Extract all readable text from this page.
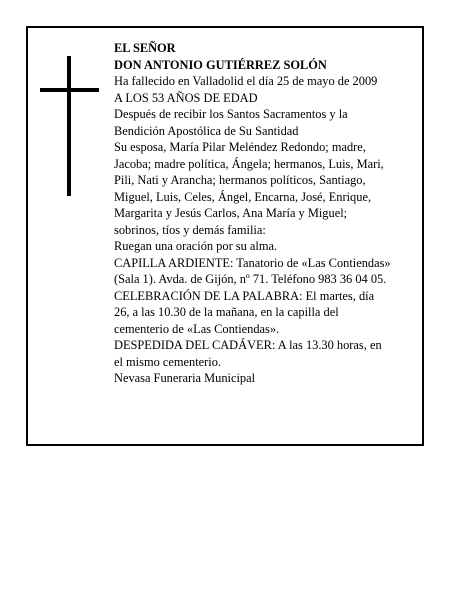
EL SEÑOR
DON ANTONIO GUTIÉRREZ SOLÓN
Ha fallecido en Valladolid el día 25 de mayo de 2009
A LOS 53 AÑOS DE EDAD
Después de recibir los Santos Sacramentos y la
Bendición Apostólica de Su Santidad
Su esposa, María Pilar Meléndez Redondo; madre,
Jacoba; madre política, Ángela; hermanos, Luis, Mari,
Pili, Nati y Arancha; hermanos políticos, Santiago,
Miguel, Luis, Celes, Ángel, Encarna, José, Enrique,
Margarita y Jesús Carlos, Ana María y Miguel;
sobrinos, tíos y demás familia:
Ruegan una oración por su alma.
CAPILLA ARDIENTE: Tanatorio de «Las Contiendas»
(Sala 1). Avda. de Gijón, nº 71. Teléfono 983 36 04 05.
CELEBRACIÓN DE LA PALABRA: El martes, día
26, a las 10.30 de la mañana, en la capilla del
cementerio de «Las Contiendas».
DESPEDIDA DEL CADÁVER: A las 13.30 horas, en
el mismo cementerio.
Nevasa Funeraria Municipal
